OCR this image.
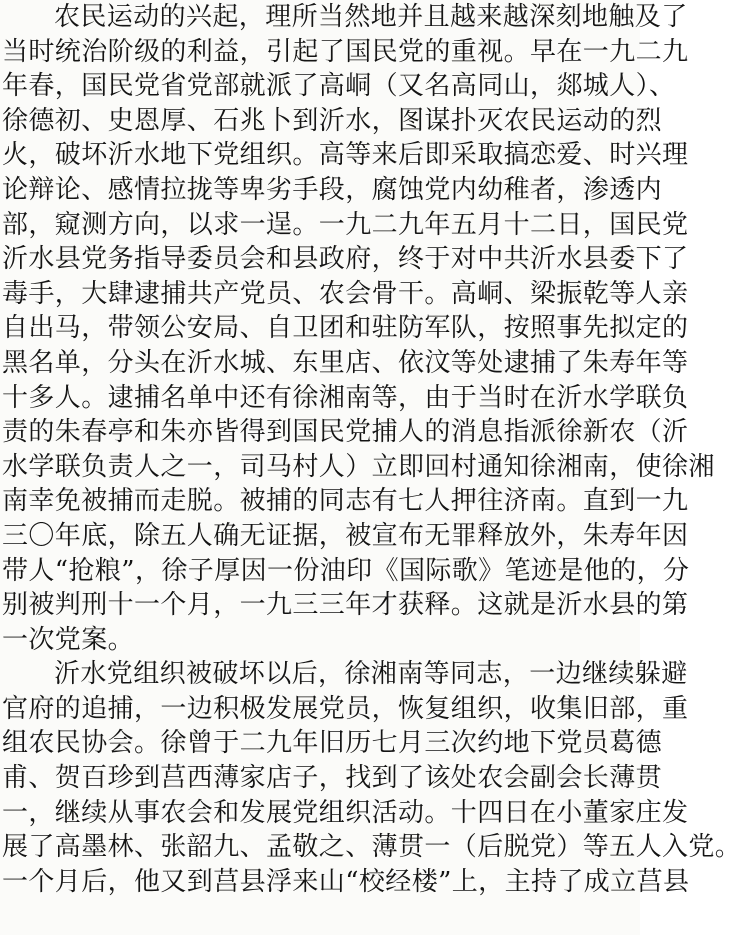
农民运动的兴起，理所当然地并且越来越深刻地触及了
当时统治阶级的利益，引起了国民党的重视。早在一九二九
年春，国民党省党部就派了高峒（又名高同山，郯城人）、
徐德初、史恩厚、石兆卜到沂水，图谋扑灭农民运动的烈
火，破坏沂水地下党组织。高等来后即采取搞恋爱、时兴理
论辩论、感情拉拢等卑劣手段，腐蚀党内幼稚者，渗透内
部，窥测方向，以求一逞。一九二九年五月十二日，国民党
沂水县党务指导委员会和县政府，终于对中共沂水县委下了
毒手，大肆逮捕共产党员、农会骨干。高峒、梁振乾等人亲
自出马，带领公安局、自卫团和驻防军队，按照事先拟定的
黑名单，分头在沂水城、东里店、依汶等处逮捕了朱寿年等
十多人。逮捕名单中还有徐湘南等，由于当时在沂水学联负
责的朱春亭和朱亦皆得到国民党捕人的消息指派徐新农（沂
水学联负责人之一，司马村人）立即回村通知徐湘南，使徐湘
南幸免被捕而走脱。被捕的同志有七人押往济南。直到一九
三〇年底，除五人确无证据，被宣布无罪释放外，朱寿年因
带人“抢粮”，徐子厚因一份油印《国际歌》笔迹是他的，分
别被判刑十一个月，一九三三年才获释。这就是沂水县的第
一次党案。
沂水党组织被破坏以后，徐湘南等同志，一边继续躲避
官府的追捕，一边积极发展党员，恢复组织，收集旧部，重
组农民协会。徐曾于二九年旧历七月三次约地下党员葛德
甫、贺百珍到莒西薄家店子，找到了该处农会副会长薄贯
一，继续从事农会和发展党组织活动。十四日在小董家庄发
展了高墨林、张韶九、孟敬之、薄贯一（后脱党）等五人入党。
一个月后，他又到莒县浮来山“校经楼”上，主持了成立莒县
